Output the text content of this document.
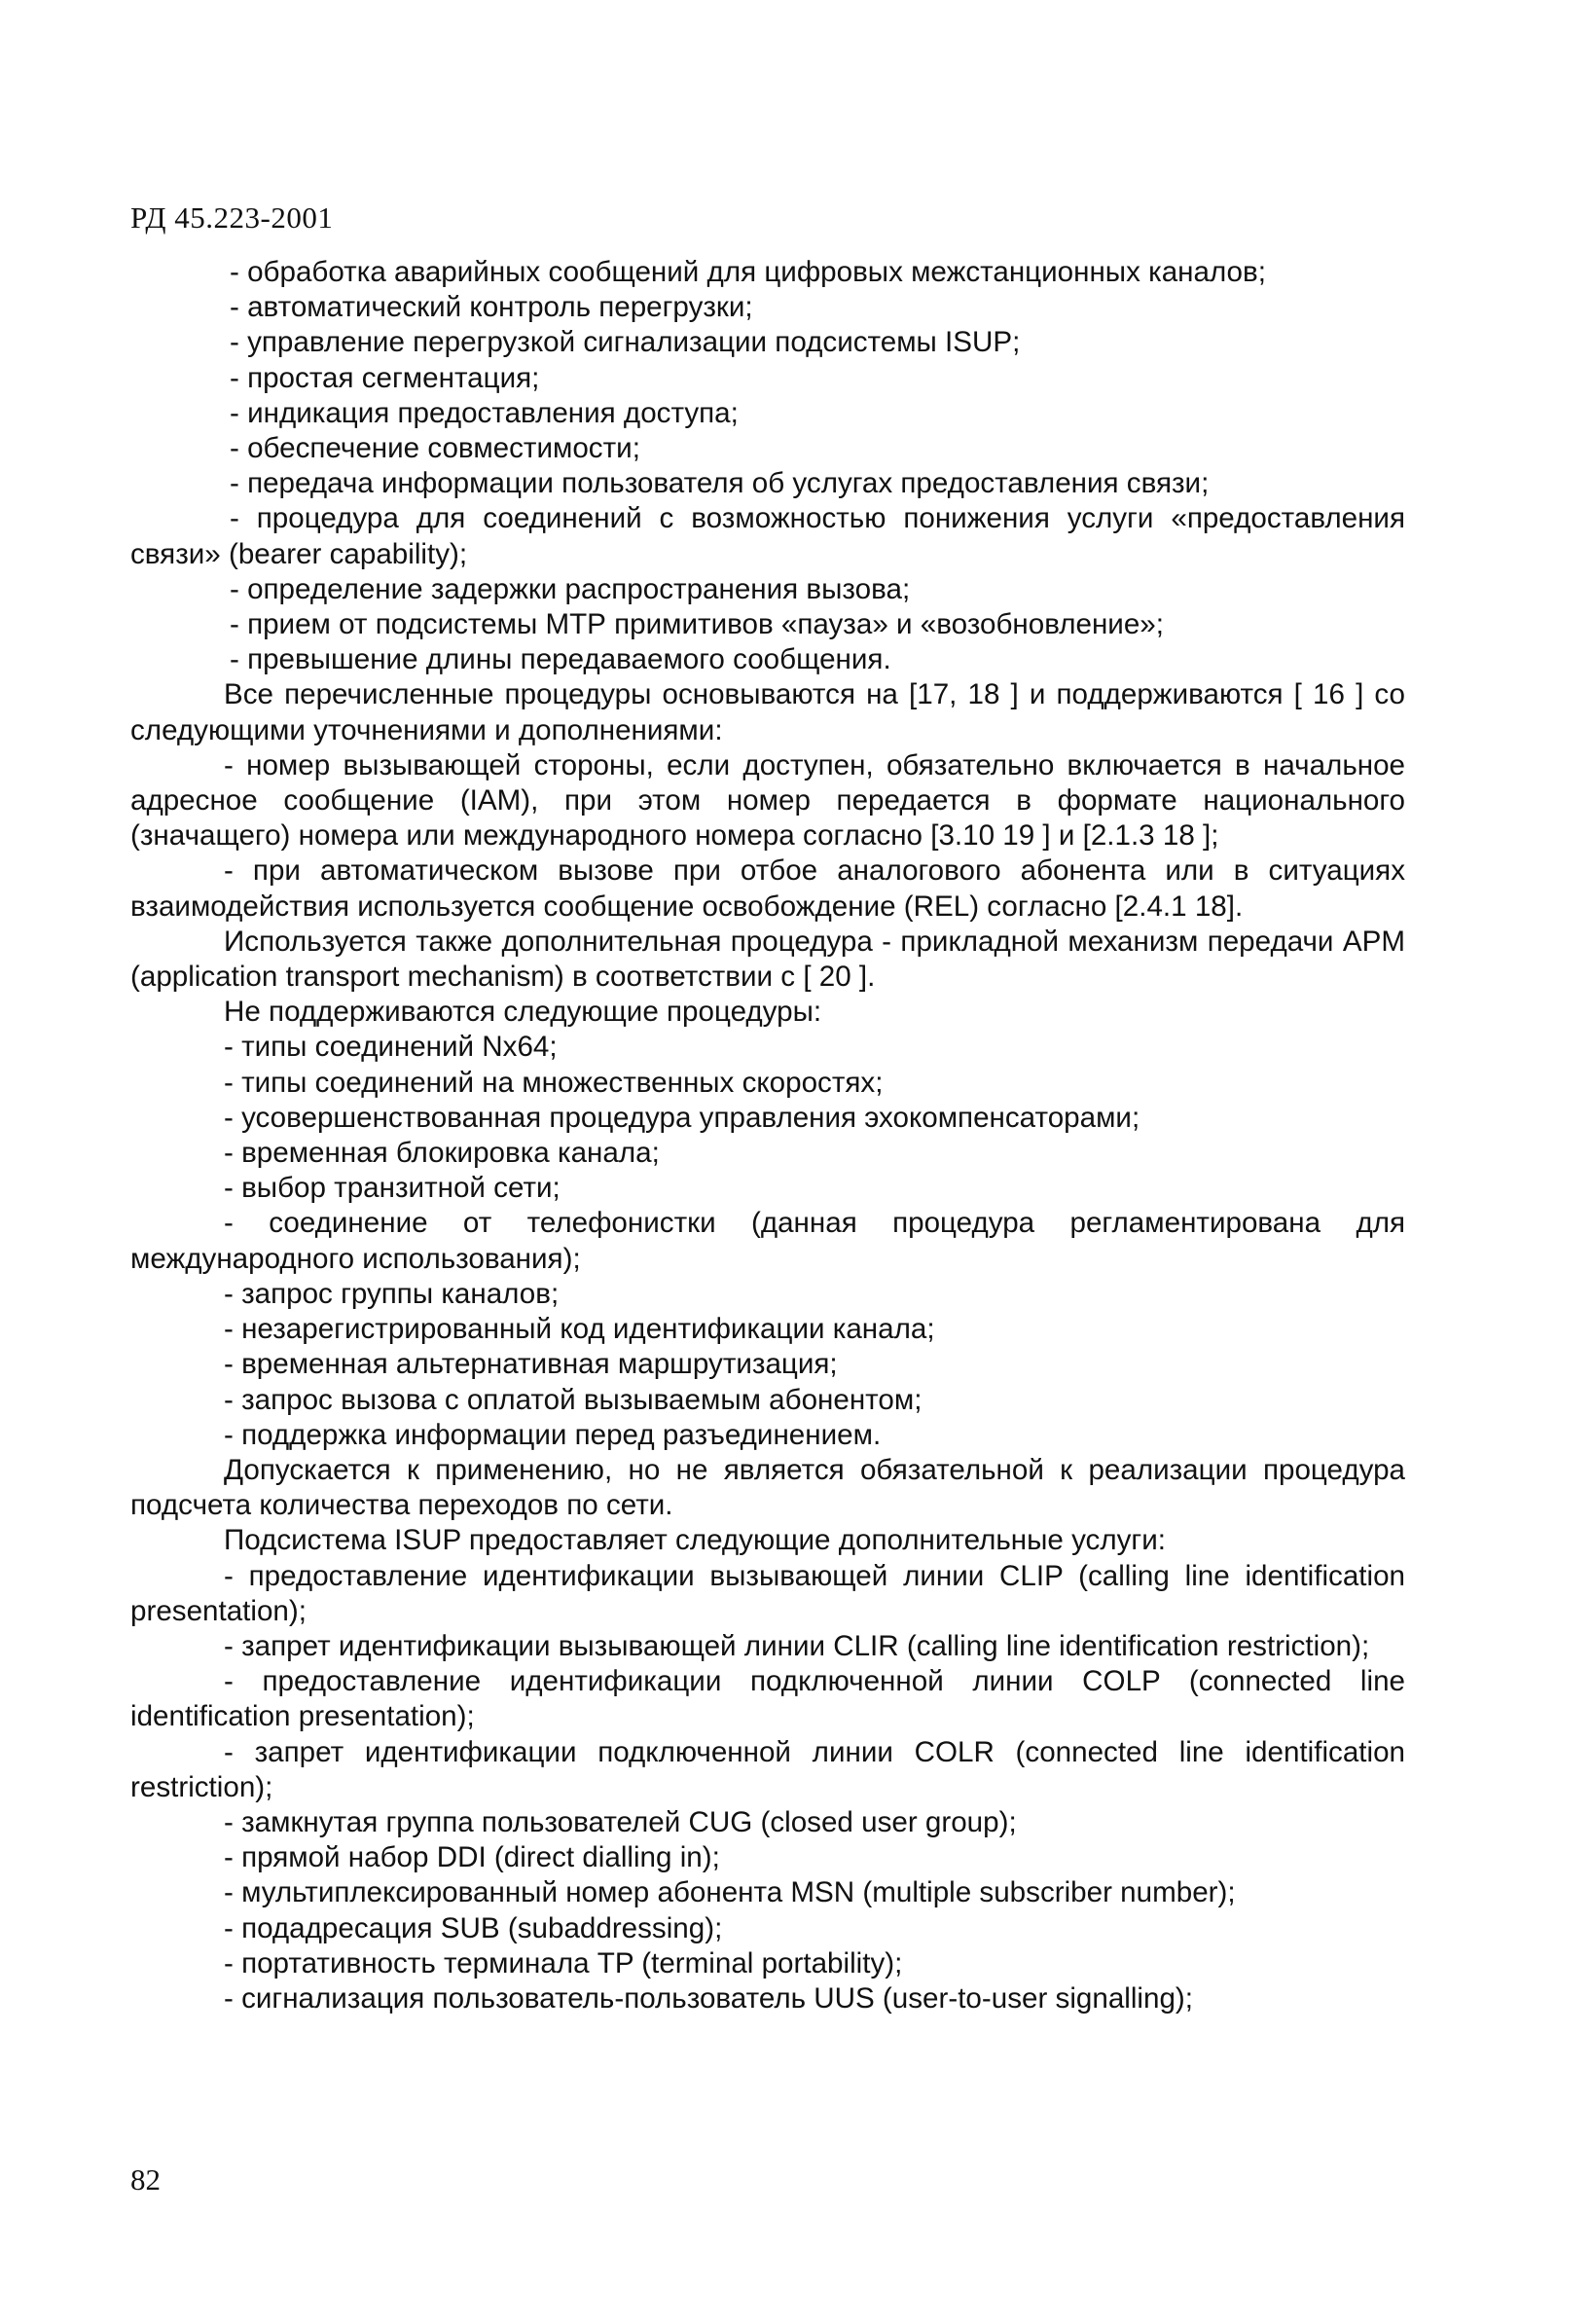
РД 45.223-2001

- обработка аварийных сообщений для цифровых межстанционных каналов;

- автоматический контроль перегрузки;

- управление перегрузкой сигнализации подсистемы ISUP;

- простая сегментация;

- индикация предоставления доступа;

- обеспечение совместимости;

- передача информации пользователя об услугах предоставления связи;

- процедура для соединений с возможностью понижения услуги «предоставления связи» (bearer capability);

- определение задержки распространения вызова;

- прием от подсистемы МТР примитивов «пауза» и «возобновление»;

- превышение длины передаваемого сообщения.

Все перечисленные процедуры основываются на [17, 18 ] и поддерживаются [ 16 ] со следующими уточнениями и дополнениями:

- номер вызывающей стороны, если доступен, обязательно включается в начальное адресное сообщение (IAM), при этом номер передается в формате национального (значащего) номера или международного номера согласно [3.10 19 ] и [2.1.3 18 ];

- при автоматическом вызове при отбое аналогового абонента или в ситуациях взаимодействия используется сообщение освобождение (REL) согласно [2.4.1 18].

Используется также дополнительная процедура - прикладной механизм передачи APM (application transport mechanism) в соответствии с [ 20 ].

Не поддерживаются следующие процедуры:

- типы соединений Nx64;

- типы соединений на множественных скоростях;

- усовершенствованная процедура управления эхокомпенсаторами;

- временная блокировка канала;

- выбор транзитной сети;

- соединение от телефонистки (данная процедура регламентирована для международного использования);

- запрос группы каналов;

- незарегистрированный код идентификации канала;

- временная альтернативная маршрутизация;

- запрос вызова с оплатой вызываемым абонентом;

- поддержка информации перед разъединением.

Допускается к применению, но не является обязательной к реализации процедура подсчета количества переходов по сети.

Подсистема ISUP предоставляет следующие дополнительные услуги:

- предоставление идентификации вызывающей линии CLIP (calling line identification presentation);

- запрет идентификации вызывающей линии CLIR (calling line identification restriction);

- предоставление идентификации подключенной линии COLP (connected line identification presentation);

- запрет идентификации подключенной линии COLR (connected line identification restriction);

- замкнутая группа пользователей CUG (closed user group);

- прямой набор DDI (direct dialling in);

- мультиплексированный номер абонента MSN (multiple subscriber number);

- подадресация SUB (subaddressing);

- портативность терминала TP (terminal portability);

- сигнализация пользователь-пользователь UUS (user-to-user signalling);

82
